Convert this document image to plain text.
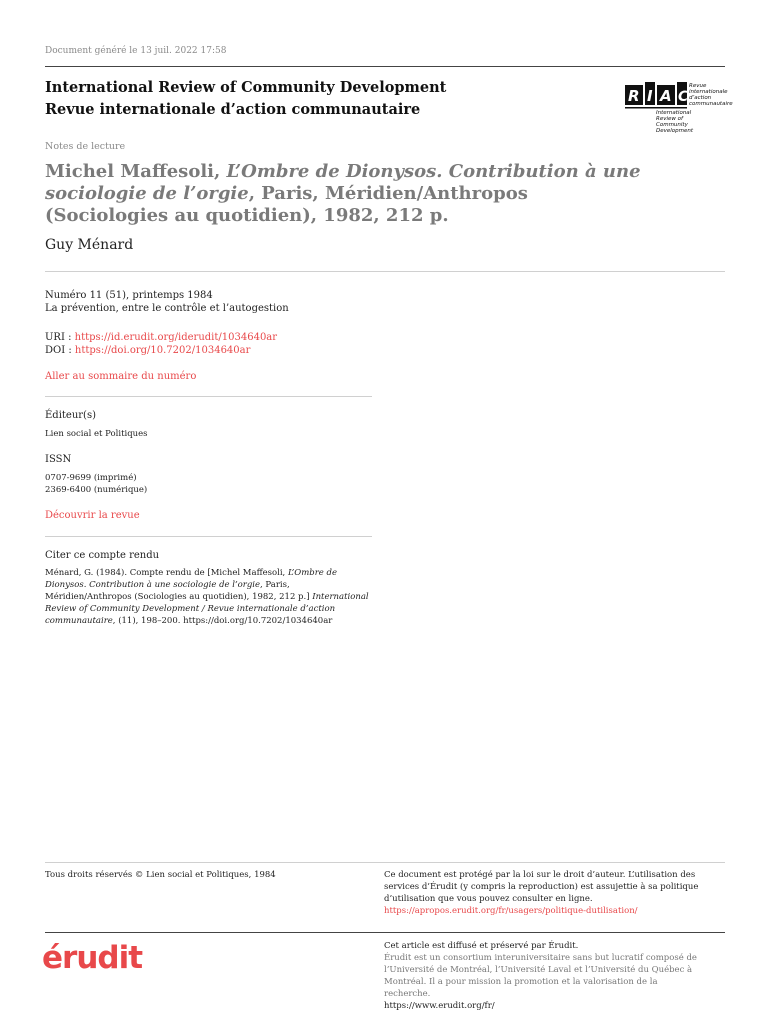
Document généré le 13 juil. 2022 17:58
International Review of Community Development
Revue internationale d’action communautaire
R I A C
Revue
internationale
d’action
communautaire
International
Review of
Community
Development
Notes de lecture
Michel Maffesoli, L’Ombre de Dionysos. Contribution à une sociologie de l’orgie, Paris, Méridien/Anthropos (Sociologies au quotidien), 1982, 212 p.
Guy Ménard
Numéro 11 (51), printemps 1984
La prévention, entre le contrôle et l’autogestion
URI : https://id.erudit.org/iderudit/1034640ar
DOI : https://doi.org/10.7202/1034640ar
Aller au sommaire du numéro
Éditeur(s)
Lien social et Politiques
ISSN
0707-9699 (imprimé)
2369-6400 (numérique)
Découvrir la revue
Citer ce compte rendu
Ménard, G. (1984). Compte rendu de [Michel Maffesoli, L’Ombre de Dionysos. Contribution à une sociologie de l’orgie, Paris, Méridien/Anthropos (Sociologies au quotidien), 1982, 212 p.] International Review of Community Development / Revue internationale d’action communautaire, (11), 198–200. https://doi.org/10.7202/1034640ar
Tous droits réservés © Lien social et Politiques, 1984	Ce document est protégé par la loi sur le droit d’auteur. L’utilisation des services d’Érudit (y compris la reproduction) est assujettie à sa politique d’utilisation que vous pouvez consulter en ligne.
https://apropos.erudit.org/fr/usagers/politique-dutilisation/
érudit	Cet article est diffusé et préservé par Érudit.
Érudit est un consortium interuniversitaire sans but lucratif composé de l’Université de Montréal, l’Université Laval et l’Université du Québec à Montréal. Il a pour mission la promotion et la valorisation de la recherche.
https://www.erudit.org/fr/
